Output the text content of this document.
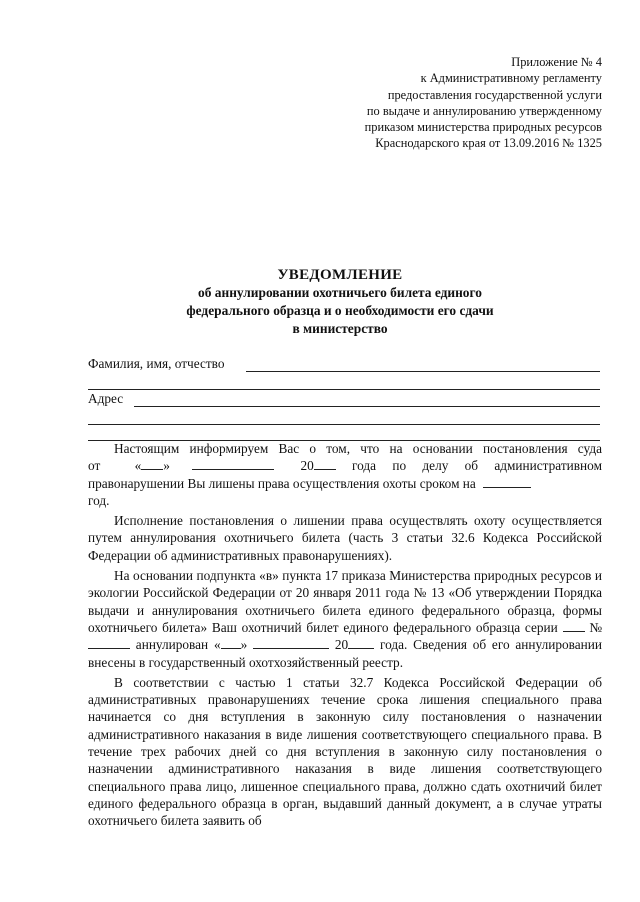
Приложение № 4
к Административному регламенту
предоставления государственной услуги
по выдаче и аннулированию утвержденному
приказом министерства природных ресурсов
Краснодарского края от 13.09.2016 № 1325
УВЕДОМЛЕНИЕ
об аннулировании охотничьего билета единого
федерального образца и о необходимости его сдачи
в министерство
Фамилия, имя, отчество
Адрес

Настоящим информируем Вас о том, что на основании постановления суда

от	« »	20	года по делу об административном

правонарушении Вы лишены права осуществления охоты сроком на

год.

Исполнение постановления о лишении права осуществлять охоту осуществляется путем аннулирования охотничьего билета (часть 3 статьи 32.6 Кодекса Российской Федерации об административных правонарушениях).

На основании подпункта «в» пункта 17 приказа Министерства природных ресурсов и экологии Российской Федерации от 20 января 2011 года № 13 «Об утверждении Порядка выдачи и аннулирования охотничьего билета единого федерального образца, формы охотничьего билета» Ваш охотничий билет единого федерального образца серии №  аннулирован « »	20 года. Сведения об его аннулировании внесены в государственный охотхозяйственный реестр.

В соответствии с частью 1 статьи 32.7 Кодекса Российской Федерации об административных правонарушениях течение срока лишения специального права начинается со дня вступления в законную силу постановления о назначении административного наказания в виде лишения соответствующего специального права. В течение трех рабочих дней со дня вступления в законную силу постановления о назначении административного наказания в виде лишения соответствующего специального права лицо, лишенное специального права, должно сдать охотничий билет единого федерального образца в орган, выдавший данный документ, а в случае утраты охотничьего билета заявить об
